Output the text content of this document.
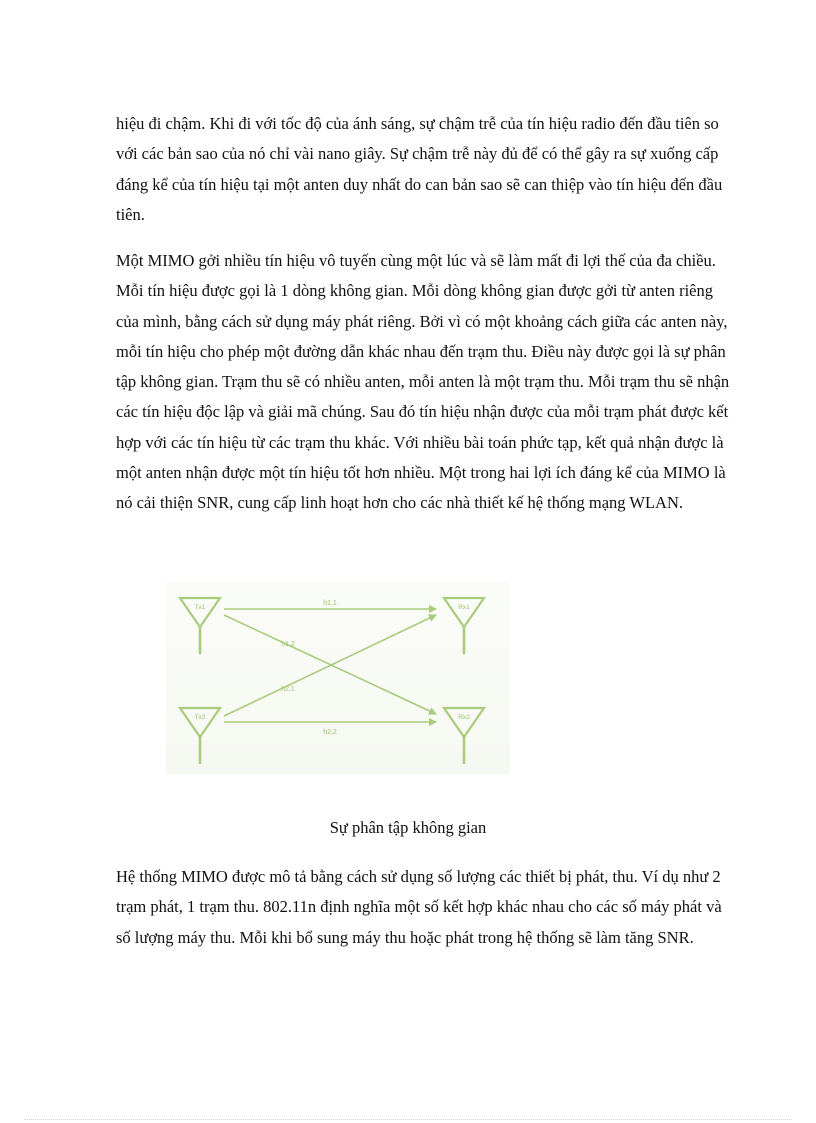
hiệu đi chậm. Khi đi với tốc độ của ánh sáng, sự chậm trễ của tín hiệu radio đến đầu tiên so với các bản sao của nó chỉ vài nano giây. Sự chậm trễ này đủ để có thể gây ra sự xuống cấp đáng kể của tín hiệu tại một anten duy nhất do can bản sao sẽ can thiệp vào tín hiệu đến đầu tiên.

Một MIMO gởi nhiều tín hiệu vô tuyến cùng một lúc và sẽ làm mất đi lợi thế của đa chiều. Mỗi tín hiệu được gọi là 1 dòng không gian. Mỗi dòng không gian được gởi từ anten riêng của mình, bằng cách sử dụng máy phát riêng. Bởi vì có một khoảng cách giữa các anten này, mỗi tín hiệu cho phép một đường dẫn khác nhau đến trạm thu. Điều này được gọi là sự phân tập không gian. Trạm thu sẽ có nhiều anten, mỗi anten là một trạm thu. Mỗi trạm thu sẽ nhận các tín hiệu độc lập và giải mã chúng. Sau đó tín hiệu nhận được của mỗi trạm phát được kết hợp với các tín hiệu từ các trạm thu khác. Với nhiều bài toán phức tạp, kết quả nhận được là một anten nhận được một tín hiệu tốt hơn nhiều. Một trong hai lợi ích đáng kể của MIMO là nó cải thiện SNR, cung cấp linh hoạt hơn cho các nhà thiết kế hệ thống mạng WLAN.

Tx1
Tx2
Rx1
Rx2
h1,1
h1,2
h2,1
h2,2

Sự phân tập không gian

Hệ thống MIMO được mô tả bằng cách sử dụng số lượng các thiết bị phát, thu. Ví dụ như 2 trạm phát, 1 trạm thu. 802.11n định nghĩa một số kết hợp khác nhau cho các số máy phát và số lượng máy thu. Mỗi khi bổ sung máy thu hoặc phát trong hệ thống sẽ làm tăng SNR.
